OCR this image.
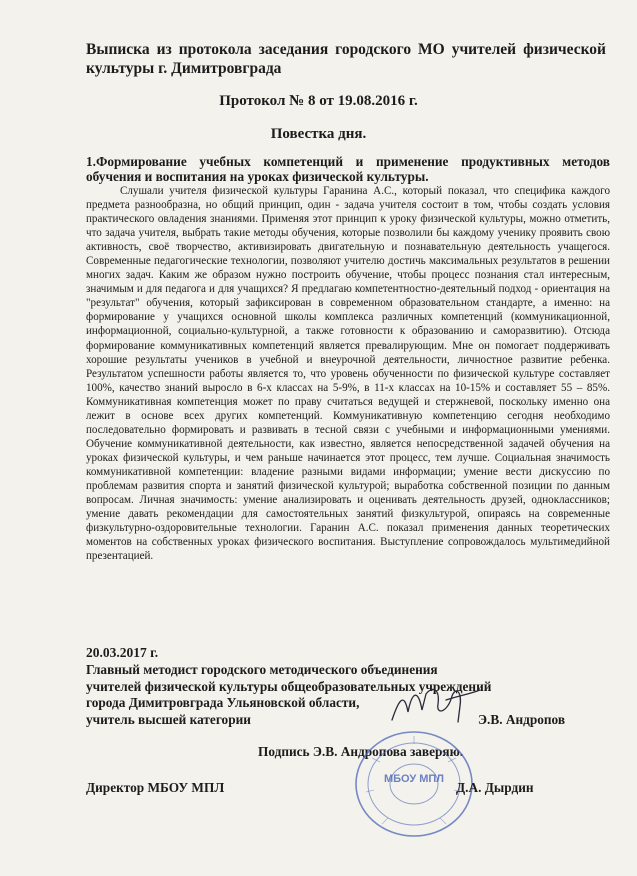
Выписка из протокола заседания городского МО учителей физической культуры г. Димитровграда
Протокол № 8 от 19.08.2016 г.
Повестка дня.
1.Формирование учебных компетенций и применение продуктивных методов обучения и воспитания на уроках физической культуры.

Слушали учителя физической культуры Гаранина А.С., который показал, что специфика каждого предмета разнообразна, но общий принцип, один - задача учителя состоит в том, чтобы создать условия практического овладения знаниями. Применяя этот принцип к уроку физической культуры, можно отметить, что задача учителя, выбрать такие методы обучения, которые позволили бы каждому ученику проявить свою активность, своё творчество, активизировать двигательную и познавательную деятельность учащегося. Современные педагогические технологии, позволяют учителю достичь максимальных результатов в решении многих задач. Каким же образом нужно построить обучение, чтобы процесс познания стал интересным, значимым и для педагога и для учащихся? Я предлагаю компетентностно-деятельный подход - ориентация на "результат" обучения, который зафиксирован в современном образовательном стандарте, а именно: на формирование у учащихся основной школы комплекса различных компетенций (коммуникационной, информационной, социально-культурной, а также готовности к образованию и саморазвитию). Отсюда формирование коммуникативных компетенций является превалирующим. Мне он помогает поддерживать хорошие результаты учеников в учебной и внеурочной деятельности, личностное развитие ребенка. Результатом успешности работы является то, что уровень обученности по физической культуре составляет 100%, качество знаний выросло в 6-х классах на 5-9%, в 11-х классах на 10-15% и составляет 55 – 85%. Коммуникативная компетенция может по праву считаться ведущей и стержневой, поскольку именно она лежит в основе всех других компетенций. Коммуникативную компетенцию сегодня необходимо последовательно формировать и развивать в тесной связи с учебными и информационными умениями. Обучение коммуникативной деятельности, как известно, является непосредственной задачей обучения на уроках физической культуры, и чем раньше начинается этот процесс, тем лучше. Социальная значимость коммуникативной компетенции: владение разными видами информации; умение вести дискуссию по проблемам развития спорта и занятий физической культурой; выработка собственной позиции по данным вопросам. Личная значимость: умение анализировать и оценивать деятельность друзей, одноклассников; умение давать рекомендации для самостоятельных занятий физкультурой, опираясь на современные физкультурно-оздоровительные технологии. Гаранин А.С. показал применения данных теоретических моментов на собственных уроках физического воспитания. Выступление сопровождалось мультимедийной презентацией.

20.03.2017 г.
Главный методист городского методического объединения
учителей физической культуры общеобразовательных учреждений
города Димитровграда Ульяновской области,
учитель высшей категории	Э.В. Андропов
Подпись Э.В. Андропова заверяю.
МБОУ МПЛ
Директор МБОУ МПЛ	Д.А. Дырдин
